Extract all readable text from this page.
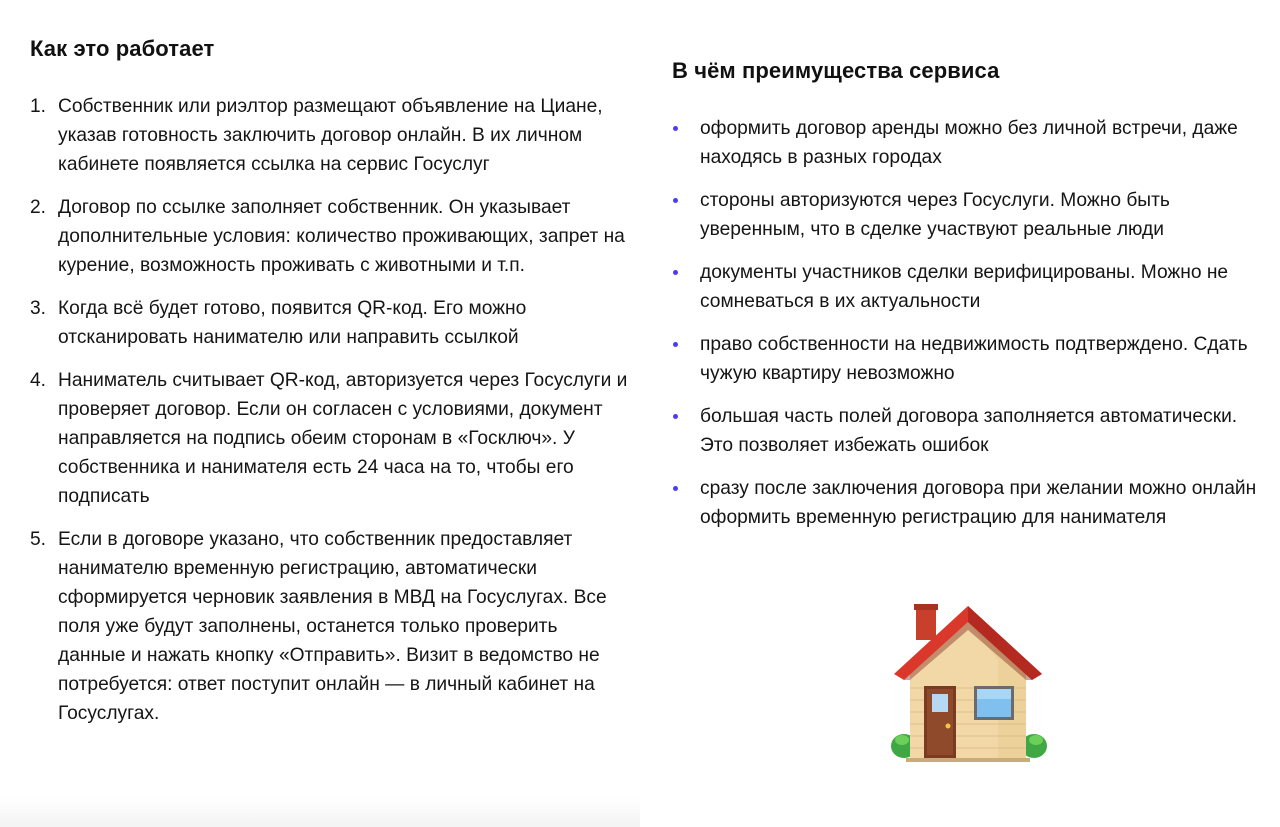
Как это работает
1. Собственник или риэлтор размещают объявление на Циане, указав готовность заключить договор онлайн. В их личном кабинете появляется ссылка на сервис Госуслуг
2. Договор по ссылке заполняет собственник. Он указывает дополнительные условия: количество проживающих, запрет на курение, возможность проживать с животными и т.п.
3. Когда всё будет готово, появится QR-код. Его можно отсканировать нанимателю или направить ссылкой
4. Наниматель считывает QR-код, авторизуется через Госуслуги и проверяет договор. Если он согласен с условиями, документ направляется на подпись обеим сторонам в «Госключ». У собственника и нанимателя есть 24 часа на то, чтобы его подписать
5. Если в договоре указано, что собственник предоставляет нанимателю временную регистрацию, автоматически сформируется черновик заявления в МВД на Госуслугах. Все поля уже будут заполнены, останется только проверить данные и нажать кнопку «Отправить». Визит в ведомство не потребуется: ответ поступит онлайн — в личный кабинет на Госуслугах.
В чём преимущества сервиса
оформить договор аренды можно без личной встречи, даже находясь в разных городах
стороны авторизуются через Госуслуги. Можно быть уверенным, что в сделке участвуют реальные люди
документы участников сделки верифицированы. Можно не сомневаться в их актуальности
право собственности на недвижимость подтверждено. Сдать чужую квартиру невозможно
большая часть полей договора заполняется автоматически. Это позволяет избежать ошибок
сразу после заключения договора при желании можно онлайн оформить временную регистрацию для нанимателя
